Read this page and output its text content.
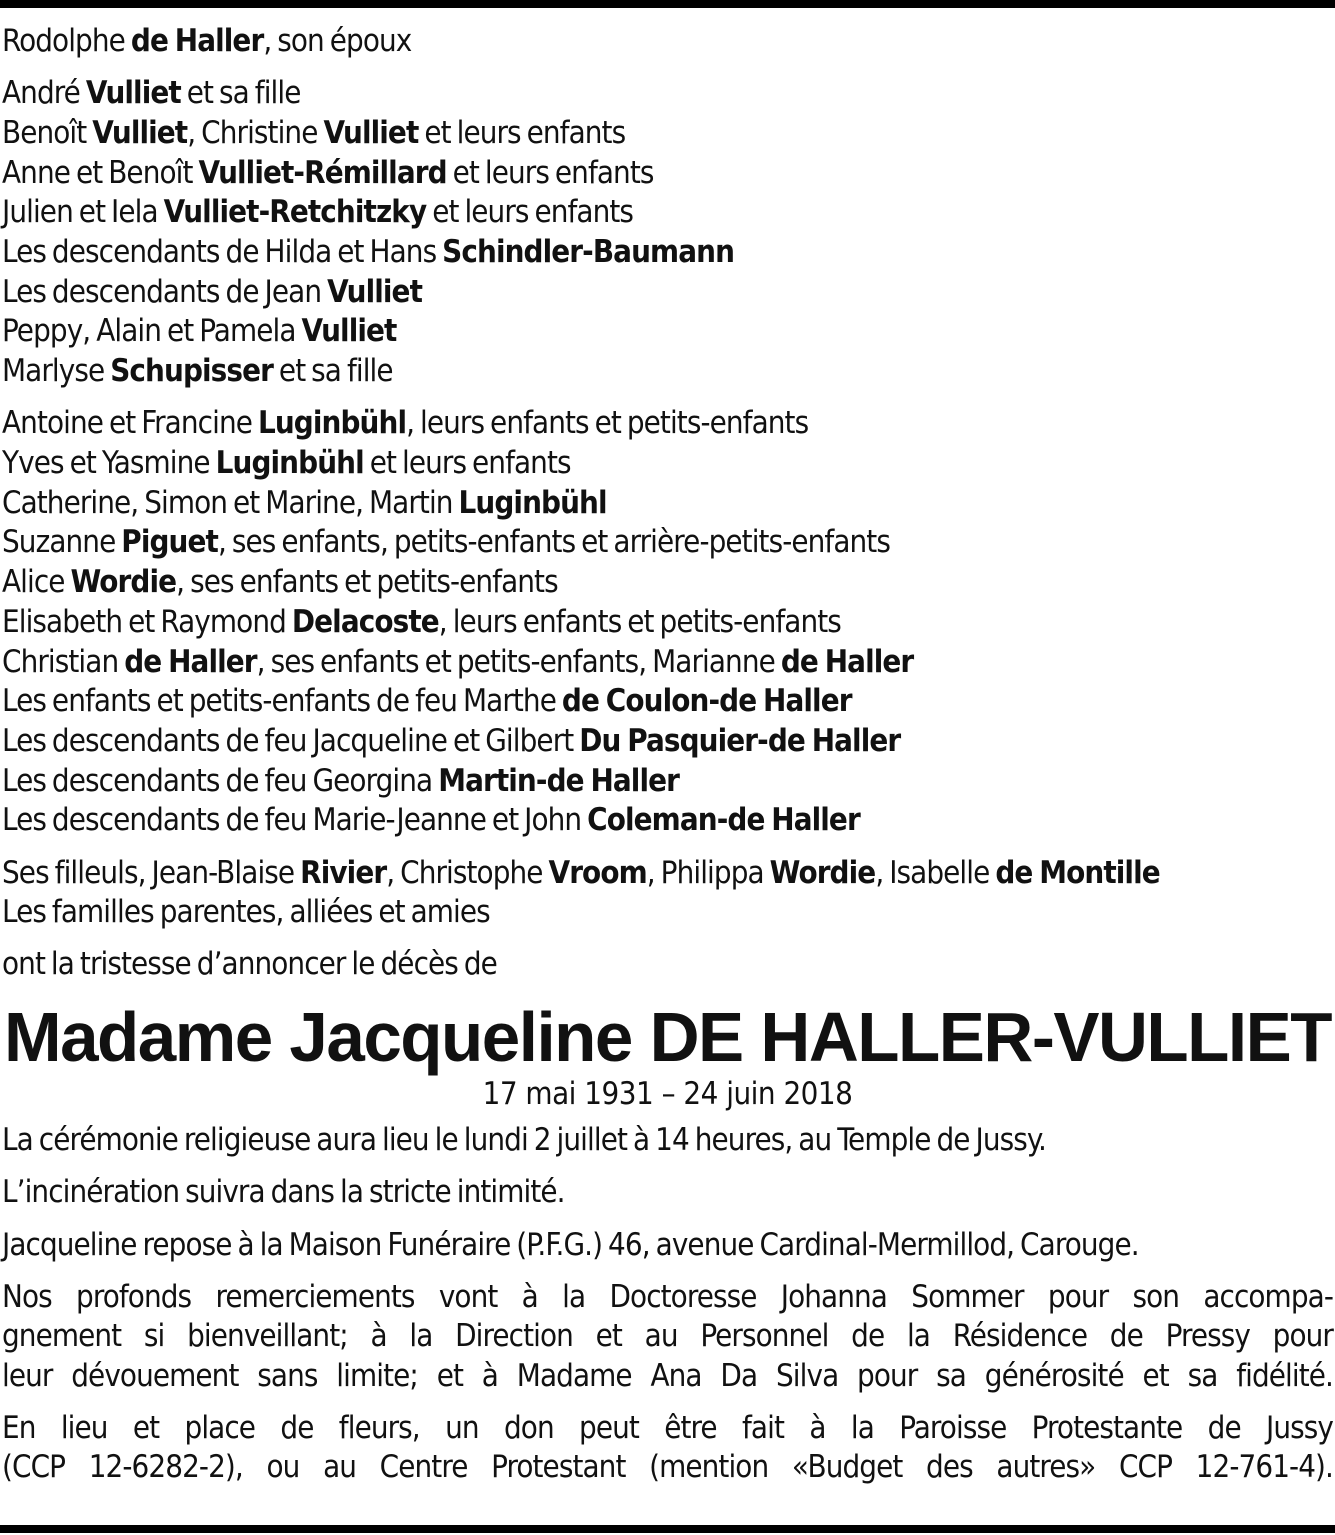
Rodolphe de Haller, son époux
André Vulliet et sa fille
Benoît Vulliet, Christine Vulliet et leurs enfants
Anne et Benoît Vulliet-Rémillard et leurs enfants
Julien et Iela Vulliet-Retchitzky et leurs enfants
Les descendants de Hilda et Hans Schindler-Baumann
Les descendants de Jean Vulliet
Peppy, Alain et Pamela Vulliet
Marlyse Schupisser et sa fille
Antoine et Francine Luginbühl, leurs enfants et petits-enfants
Yves et Yasmine Luginbühl et leurs enfants
Catherine, Simon et Marine, Martin Luginbühl
Suzanne Piguet, ses enfants, petits-enfants et arrière-petits-enfants
Alice Wordie, ses enfants et petits-enfants
Elisabeth et Raymond Delacoste, leurs enfants et petits-enfants
Christian de Haller, ses enfants et petits-enfants, Marianne de Haller
Les enfants et petits-enfants de feu Marthe de Coulon-de Haller
Les descendants de feu Jacqueline et Gilbert Du Pasquier-de Haller
Les descendants de feu Georgina Martin-de Haller
Les descendants de feu Marie-Jeanne et John Coleman-de Haller
Ses filleuls, Jean-Blaise Rivier, Christophe Vroom, Philippa Wordie, Isabelle de Montille
Les familles parentes, alliées et amies
ont la tristesse d’annoncer le décès de
Madame Jacqueline DE HALLER-VULLIET
17 mai 1931 – 24 juin 2018
La cérémonie religieuse aura lieu le lundi 2 juillet à 14 heures, au Temple de Jussy.
L’incinération suivra dans la stricte intimité.
Jacqueline repose à la Maison Funéraire (P.F.G.) 46, avenue Cardinal-Mermillod, Carouge.
Nos profonds remerciements vont à la Doctoresse Johanna Sommer pour son accompa-
gnement si bienveillant; à la Direction et au Personnel de la Résidence de Pressy pour
leur dévouement sans limite; et à Madame Ana Da Silva pour sa générosité et sa fidélité.
En lieu et place de fleurs, un don peut être fait à la Paroisse Protestante de Jussy
(CCP 12-6282-2), ou au Centre Protestant (mention «Budget des autres» CCP 12-761-4).
